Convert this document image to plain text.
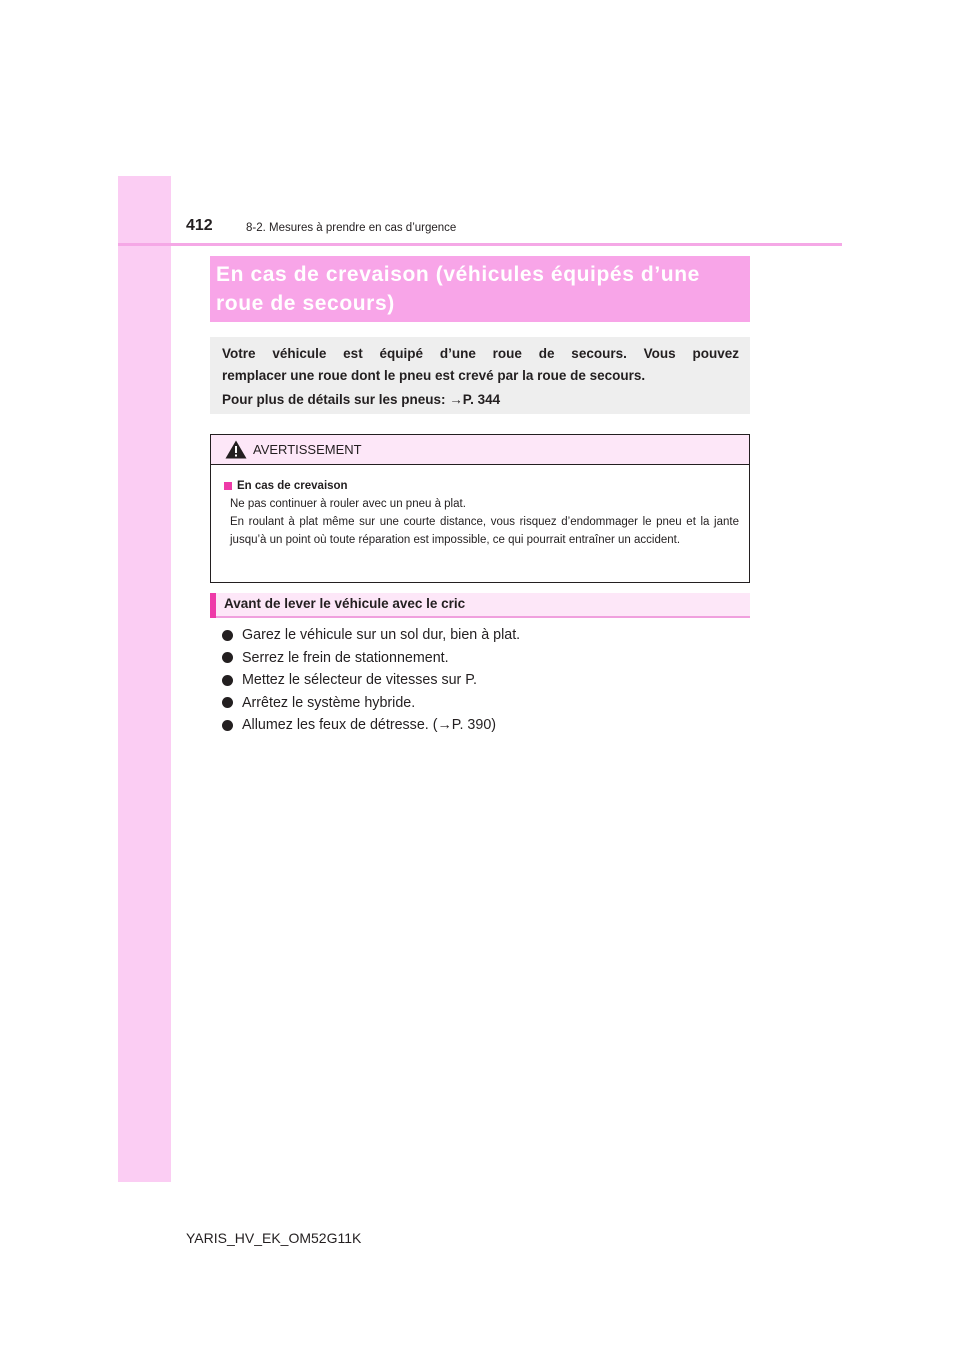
412	8-2. Mesures à prendre en cas d’urgence
En cas de crevaison (véhicules équipés d’une
roue de secours)
Votre véhicule est équipé d’une roue de secours. Vous pouvez
remplacer une roue dont le pneu est crevé par la roue de secours.
Pour plus de détails sur les pneus: →P. 344
AVERTISSEMENT
En cas de crevaison

Ne pas continuer à rouler avec un pneu à plat.

En roulant à plat même sur une courte distance, vous risquez d’endommager le pneu et la jante jusqu’à un point où toute réparation est impossible, ce qui pourrait entraîner un accident.

Avant de lever le véhicule avec le cric
Garez le véhicule sur un sol dur, bien à plat.
Serrez le frein de stationnement.
Mettez le sélecteur de vitesses sur P.
Arrêtez le système hybride.
Allumez les feux de détresse. (→P. 390)
YARIS_HV_EK_OM52G11K
